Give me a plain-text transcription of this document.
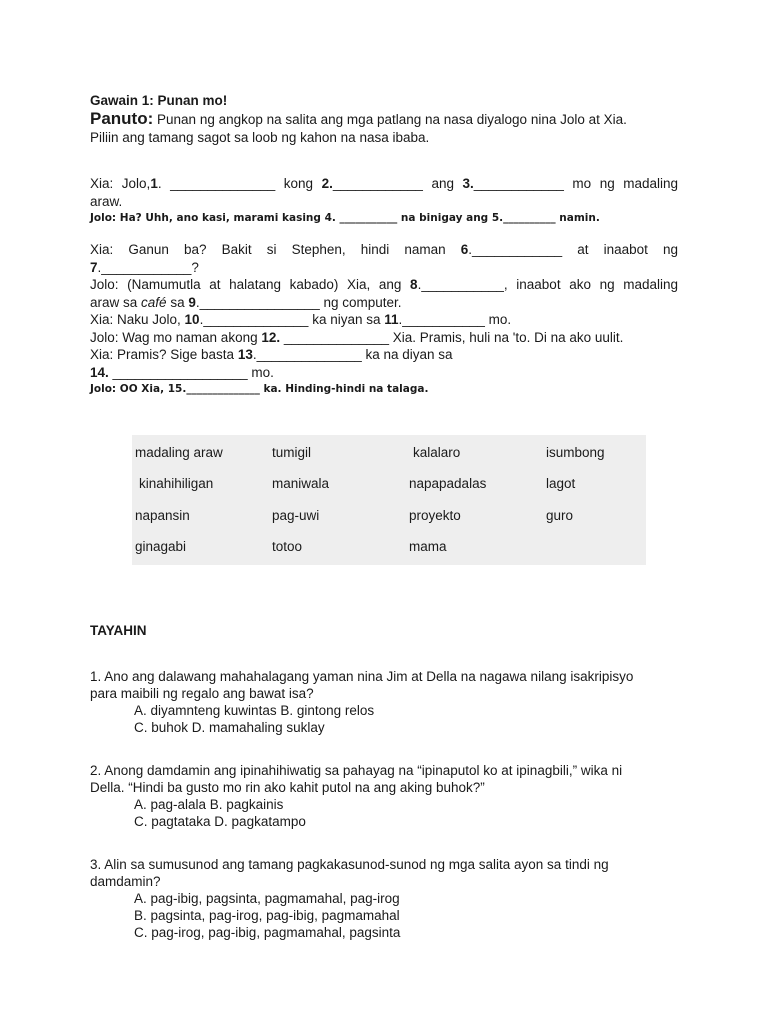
Gawain 1: Punan mo!
Panuto: Punan ng angkop na salita ang mga patlang na nasa diyalogo nina Jolo at Xia.
Piliin ang tamang sagot sa loob ng kahon na nasa ibaba.
Xia: Jolo,1. ______________ kong 2.____________ ang 3.____________ mo ng madaling
araw.
Jolo: Ha? Uhh, ano kasi, marami kasing 4. ___________ na binigay ang 5.__________ namin.
Xia: Ganun ba? Bakit si Stephen, hindi naman 6.____________ at inaabot ng
7.____________?
Jolo: (Namumutla at halatang kabado) Xia, ang 8.___________, inaabot ako ng madaling
araw sa café sa 9.________________ ng computer.
Xia: Naku Jolo, 10.______________ ka niyan sa 11.___________ mo.
Jolo: Wag mo naman akong 12. ______________ Xia. Pramis, huli na 'to. Di na ako uulit.
Xia: Pramis? Sige basta 13.______________ ka na diyan sa
14. __________________ mo.
Jolo: OO Xia, 15.______________ ka. Hinding-hindi na talaga.
madaling araw	tumigil	kalalaro	isumbong
kinahihiligan	maniwala	napapadalas	lagot
napansin	pag-uwi	proyekto	guro
ginagabi	totoo	mama
TAYAHIN
1. Ano ang dalawang mahahalagang yaman nina Jim at Della na nagawa nilang isakripisyo
para maibili ng regalo ang bawat isa?
A. diyamnteng kuwintas B. gintong relos
C. buhok D. mamahaling suklay
2. Anong damdamin ang ipinahihiwatig sa pahayag na “ipinaputol ko at ipinagbili,” wika ni
Della. “Hindi ba gusto mo rin ako kahit putol na ang aking buhok?”
A. pag-alala B. pagkainis
C. pagtataka D. pagkatampo
3. Alin sa sumusunod ang tamang pagkakasunod-sunod ng mga salita ayon sa tindi ng
damdamin?
A. pag-ibig, pagsinta, pagmamahal, pag-irog
B. pagsinta, pag-irog, pag-ibig, pagmamahal
C. pag-irog, pag-ibig, pagmamahal, pagsinta
